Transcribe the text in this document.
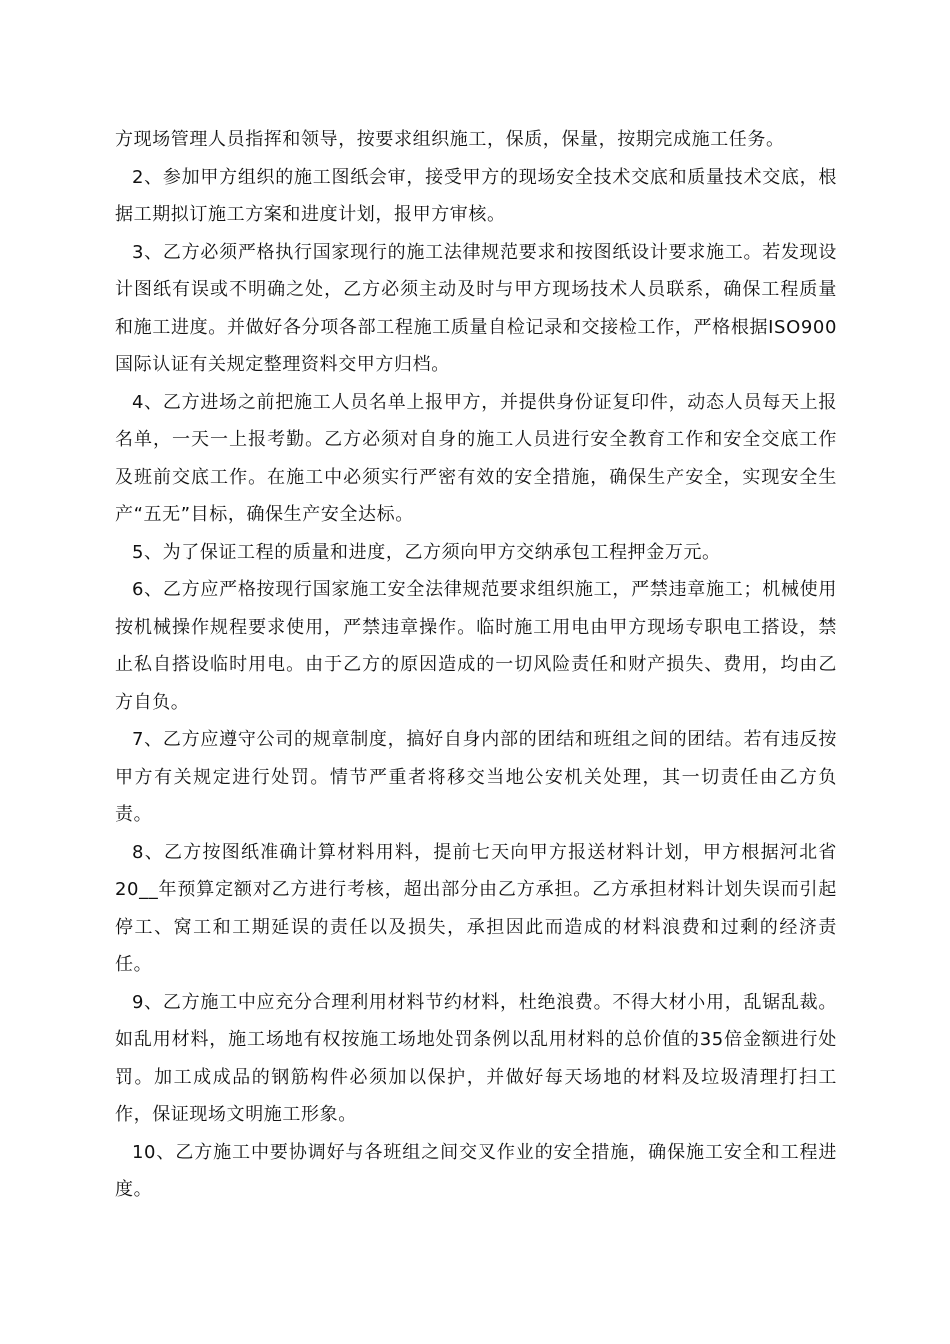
方现场管理人员指挥和领导，按要求组织施工，保质，保量，按期完成施工任务。

2、参加甲方组织的施工图纸会审，接受甲方的现场安全技术交底和质量技术交底，根据工期拟订施工方案和进度计划，报甲方审核。

3、乙方必须严格执行国家现行的施工法律规范要求和按图纸设计要求施工。若发现设计图纸有误或不明确之处，乙方必须主动及时与甲方现场技术人员联系，确保工程质量和施工进度。并做好各分项各部工程施工质量自检记录和交接检工作，严格根据ISO900 国际认证有关规定整理资料交甲方归档。

4、乙方进场之前把施工人员名单上报甲方，并提供身份证复印件，动态人员每天上报名单，一天一上报考勤。乙方必须对自身的施工人员进行安全教育工作和安全交底工作及班前交底工作。在施工中必须实行严密有效的安全措施，确保生产安全，实现安全生产“五无”目标，确保生产安全达标。

5、为了保证工程的质量和进度，乙方须向甲方交纳承包工程押金万元。

6、乙方应严格按现行国家施工安全法律规范要求组织施工，严禁违章施工；机械使用按机械操作规程要求使用，严禁违章操作。临时施工用电由甲方现场专职电工搭设，禁止私自搭设临时用电。由于乙方的原因造成的一切风险责任和财产损失、费用，均由乙方自负。

7、乙方应遵守公司的规章制度，搞好自身内部的团结和班组之间的团结。若有违反按甲方有关规定进行处罚。情节严重者将移交当地公安机关处理，其一切责任由乙方负责。

8、乙方按图纸准确计算材料用料，提前七天向甲方报送材料计划，甲方根据河北省20__年预算定额对乙方进行考核，超出部分由乙方承担。乙方承担材料计划失误而引起停工、窝工和工期延误的责任以及损失，承担因此而造成的材料浪费和过剩的经济责任。

9、乙方施工中应充分合理利用材料节约材料，杜绝浪费。不得大材小用，乱锯乱裁。如乱用材料，施工场地有权按施工场地处罚条例以乱用材料的总价值的35倍金额进行处罚。加工成成品的钢筋构件必须加以保护，并做好每天场地的材料及垃圾清理打扫工作，保证现场文明施工形象。

10、乙方施工中要协调好与各班组之间交叉作业的安全措施，确保施工安全和工程进度。
